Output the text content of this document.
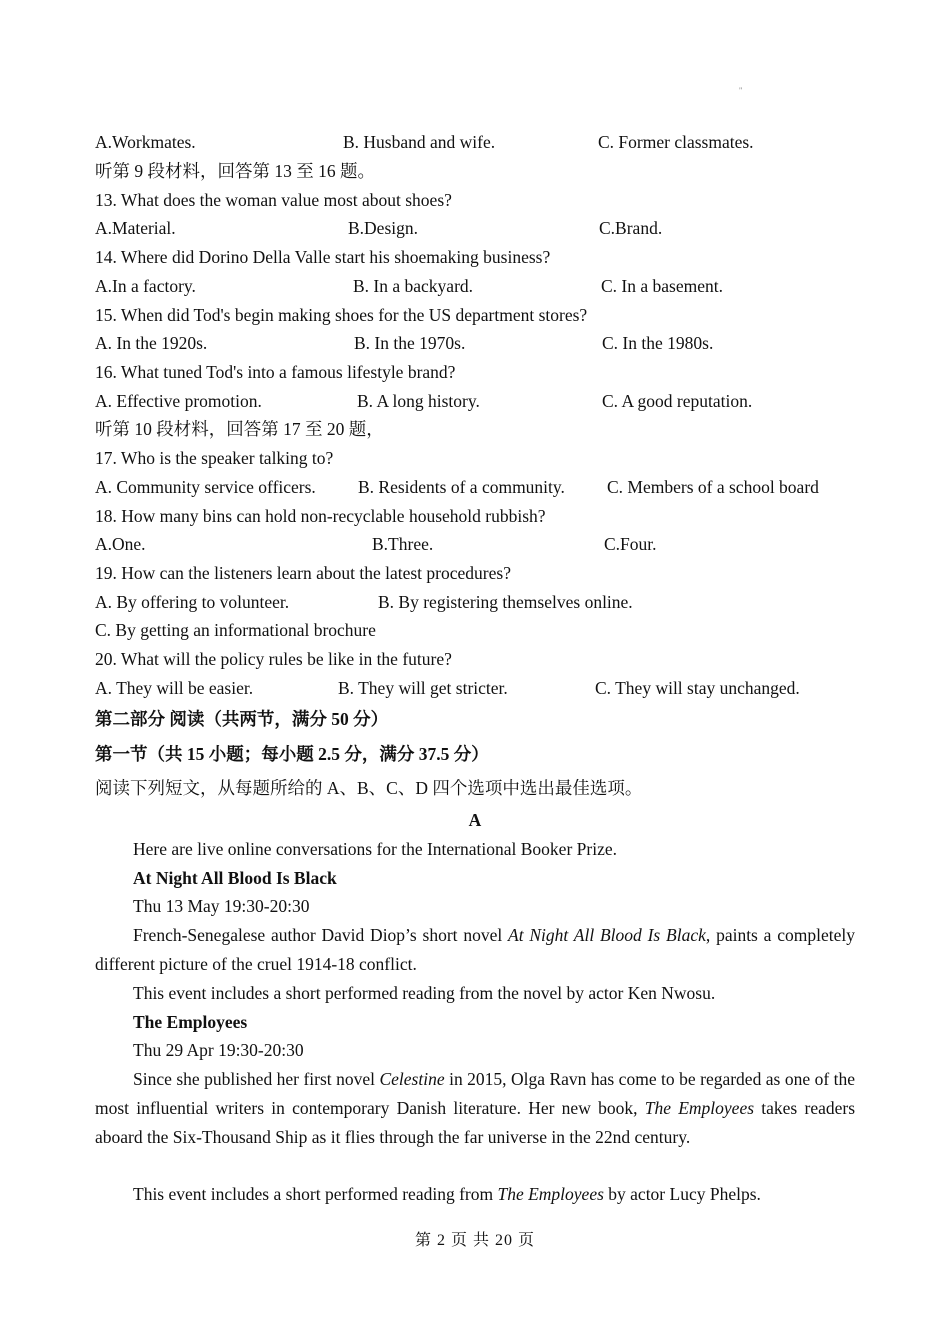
"
A.Workmates.	B. Husband and wife.	C. Former classmates.
听第 9 段材料，回答第 13 至 16 题。
13. What does the woman value most about shoes?
A.Material.	B.Design.	C.Brand.
14. Where did Dorino Della Valle start his shoemaking business?
A.In a factory.	B. In a backyard.	C. In a basement.
15. When did Tod's begin making shoes for the US department stores?
A. In the 1920s.	B. In the 1970s.	C. In the 1980s.
16. What tuned Tod's into a famous lifestyle brand?
A. Effective promotion.	B. A long history.	C. A good reputation.
听第 10 段材料，回答第 17 至 20 题，
17. Who is the speaker talking to?
A. Community service officers. B. Residents of a community. C. Members of a school board
18. How many bins can hold non-recyclable household rubbish?
A.One.	B.Three.	C.Four.
19. How can the listeners learn about the latest procedures?
A. By offering to volunteer.	B. By registering themselves online.
C. By getting an informational brochure
20. What will the policy rules be like in the future?
A. They will be easier.	B. They will get stricter.	C. They will stay unchanged.
第二部分 阅读（共两节，满分 50 分）
第一节（共 15 小题；每小题 2.5 分，满分 37.5 分）
阅读下列短文，从每题所给的 A、B、C、D 四个选项中选出最佳选项。
A
Here are live online conversations for the International Booker Prize.
At Night All Blood Is Black
Thu 13 May 19:30-20:30
French-Senegalese author David Diop’s short novel At Night All Blood Is Black, paints a completely different picture of the cruel 1914-18 conflict.
This event includes a short performed reading from the novel by actor Ken Nwosu.
The Employees
Thu 29 Apr 19:30-20:30
Since she published her first novel Celestine in 2015, Olga Ravn has come to be regarded as one of the most influential writers in contemporary Danish literature. Her new book, The Employees takes readers aboard the Six-Thousand Ship as it flies through the far universe in the 22nd century.
This event includes a short performed reading from The Employees by actor Lucy Phelps.
第 2 页 共 20 页
